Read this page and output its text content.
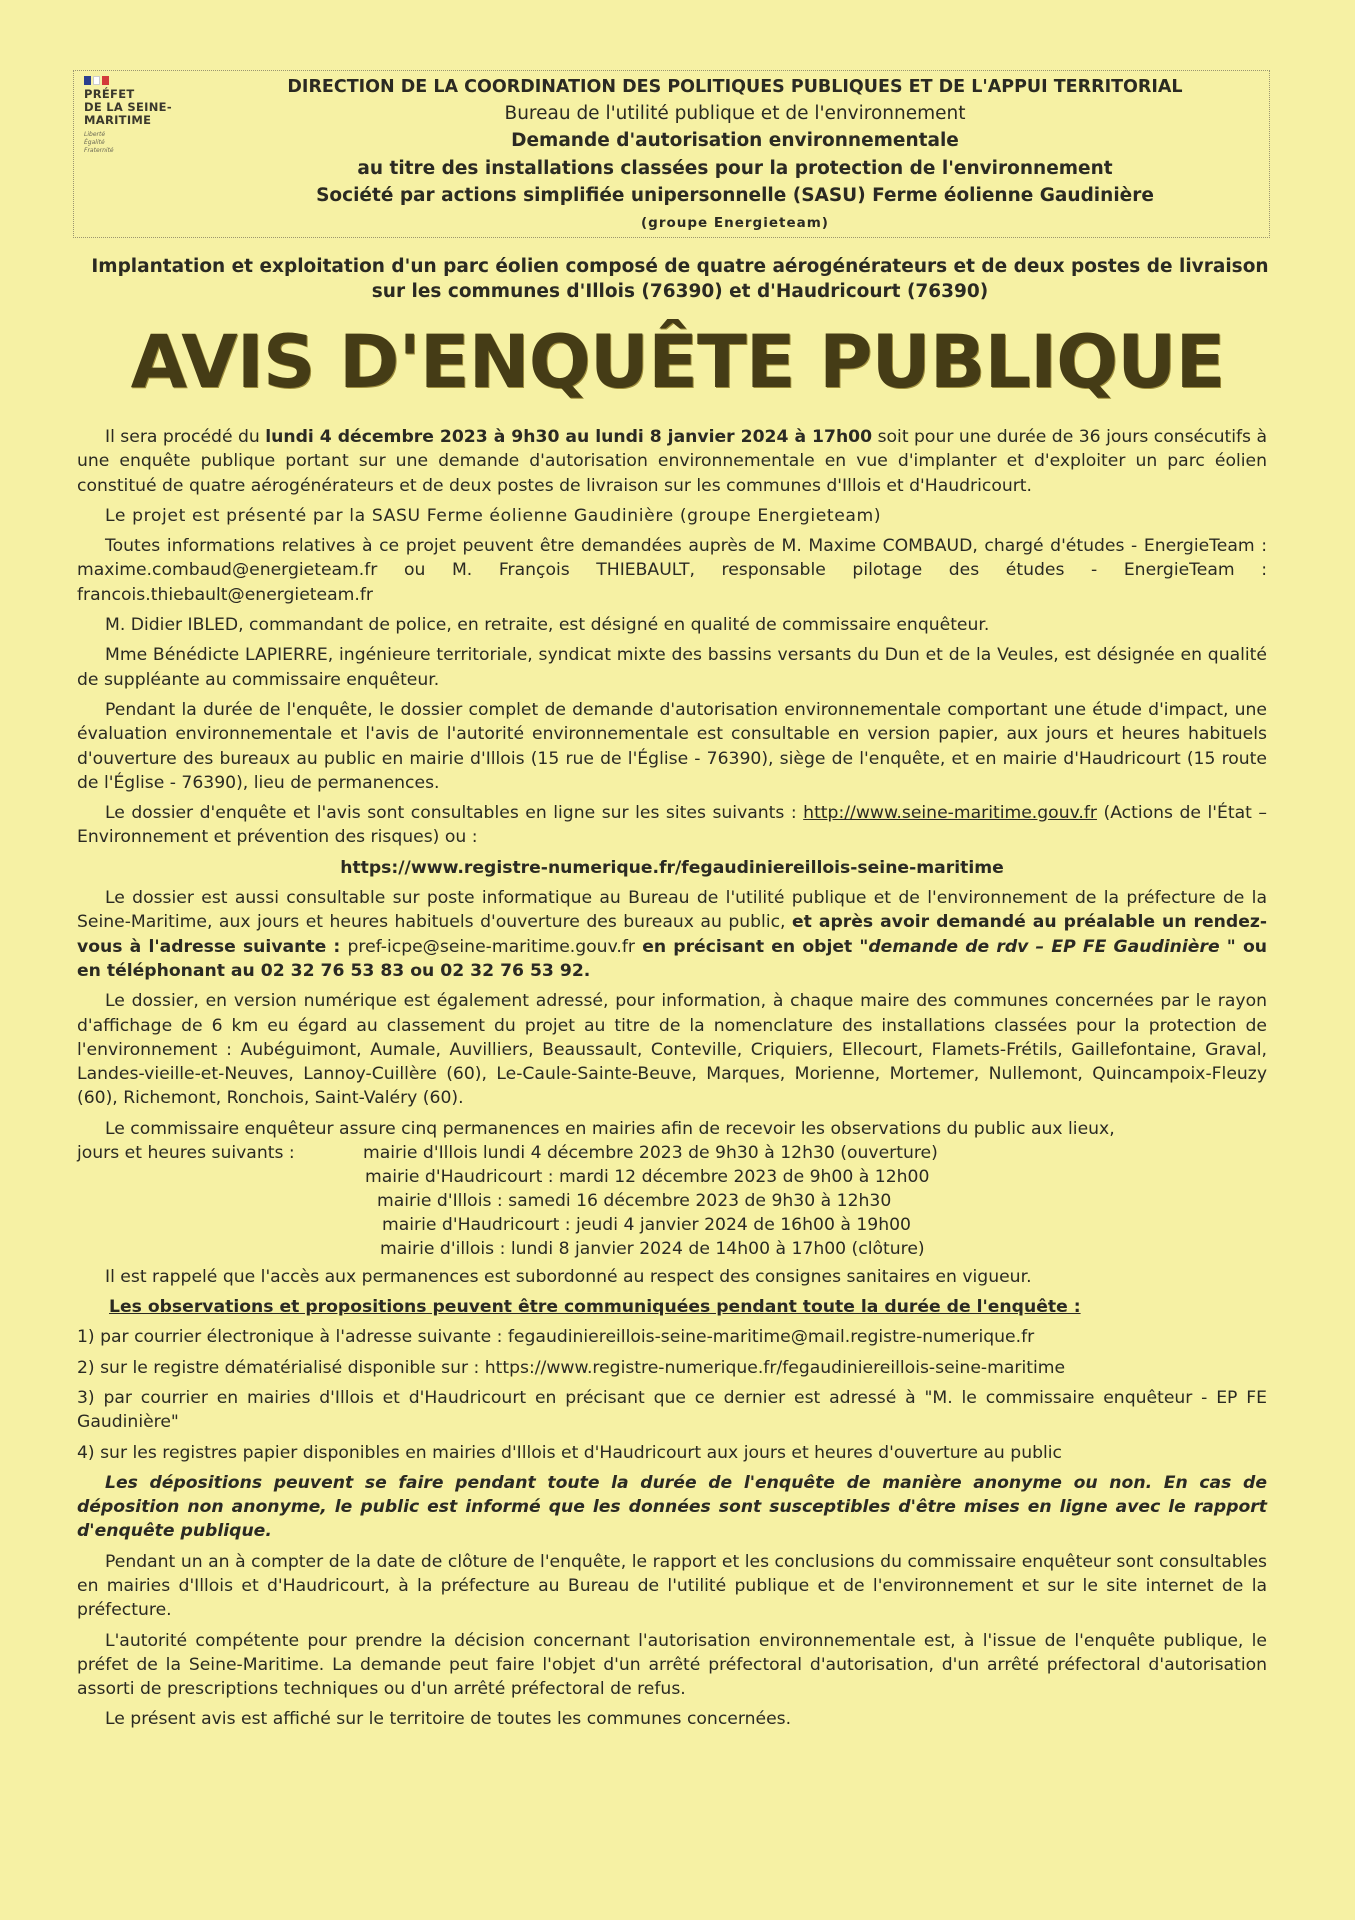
PRÉFET
DE LA SEINE-
MARITIME
Liberté
Égalité
Fraternité
DIRECTION DE LA COORDINATION DES POLITIQUES PUBLIQUES ET DE L'APPUI TERRITORIAL
Bureau de l'utilité publique et de l'environnement
Demande d'autorisation environnementale
au titre des installations classées pour la protection de l'environnement
Société par actions simplifiée unipersonnelle (SASU) Ferme éolienne Gaudinière
(groupe Energieteam)
Implantation et exploitation d'un parc éolien composé de quatre aérogénérateurs et de deux postes de livraison
sur les communes d'Illois (76390) et d'Haudricourt (76390)
AVIS D'ENQUÊTE PUBLIQUE

Il sera procédé du lundi 4 décembre 2023 à 9h30 au lundi 8 janvier 2024 à 17h00 soit pour une durée de 36 jours consécutifs à une enquête publique portant sur une demande d'autorisation environnementale en vue d'implanter et d'exploiter un parc éolien constitué de quatre aérogénérateurs et de deux postes de livraison sur les communes d'Illois et d'Haudricourt.

Le projet est présenté par la SASU Ferme éolienne Gaudinière (groupe Energieteam)

Toutes informations relatives à ce projet peuvent être demandées auprès de M. Maxime COMBAUD, chargé d'études - EnergieTeam : maxime.combaud@energieteam.fr ou M. François THIEBAULT, responsable pilotage des études - EnergieTeam : francois.thiebault@energieteam.fr

M. Didier IBLED, commandant de police, en retraite, est désigné en qualité de commissaire enquêteur.

Mme Bénédicte LAPIERRE, ingénieure territoriale, syndicat mixte des bassins versants du Dun et de la Veules, est désignée en qualité de suppléante au commissaire enquêteur.

Pendant la durée de l'enquête, le dossier complet de demande d'autorisation environnementale comportant une étude d'impact, une évaluation environnementale et l'avis de l'autorité environnementale est consultable en version papier, aux jours et heures habituels d'ouverture des bureaux au public en mairie d'Illois (15 rue de l'Église - 76390), siège de l'enquête, et en mairie d'Haudricourt (15 route de l'Église - 76390), lieu de permanences.

Le dossier d'enquête et l'avis sont consultables en ligne sur les sites suivants : http://www.seine-maritime.gouv.fr (Actions de l'État – Environnement et prévention des risques) ou :

https://www.registre-numerique.fr/fegaudiniereillois-seine-maritime

Le dossier est aussi consultable sur poste informatique au Bureau de l'utilité publique et de l'environnement de la préfecture de la Seine-Maritime, aux jours et heures habituels d'ouverture des bureaux au public, et après avoir demandé au préalable un rendez-vous à l'adresse suivante : pref-icpe@seine-maritime.gouv.fr en précisant en objet "demande de rdv – EP FE Gaudinière " ou en téléphonant au 02 32 76 53 83 ou 02 32 76 53 92.

Le dossier, en version numérique est également adressé, pour information, à chaque maire des communes concernées par le rayon d'affichage de 6 km eu égard au classement du projet au titre de la nomenclature des installations classées pour la protection de l'environnement : Aubéguimont, Aumale, Auvilliers, Beaussault, Conteville, Criquiers, Ellecourt, Flamets-Frétils, Gaillefontaine, Graval, Landes-vieille-et-Neuves, Lannoy-Cuillère (60), Le-Caule-Sainte-Beuve, Marques, Morienne, Mortemer, Nullemont, Quincampoix-Fleuzy (60), Richemont, Ronchois, Saint-Valéry (60).

Le commissaire enquêteur assure cinq permanences en mairies afin de recevoir les observations du public aux lieux,
jours et heures suivants :	mairie d'Illois lundi 4 décembre 2023 de 9h30 à 12h30 (ouverture)
mairie d'Haudricourt : mardi 12 décembre 2023 de 9h00 à 12h00
mairie d'Illois : samedi 16 décembre 2023 de 9h30 à 12h30
mairie d'Haudricourt : jeudi 4 janvier 2024 de 16h00 à 19h00
mairie d'illois : lundi 8 janvier 2024 de 14h00 à 17h00 (clôture)

Il est rappelé que l'accès aux permanences est subordonné au respect des consignes sanitaires en vigueur.

Les observations et propositions peuvent être communiquées pendant toute la durée de l'enquête :

1) par courrier électronique à l'adresse suivante : fegaudiniereillois-seine-maritime@mail.registre-numerique.fr

2) sur le registre dématérialisé disponible sur : https://www.registre-numerique.fr/fegaudiniereillois-seine-maritime

3) par courrier en mairies d'Illois et d'Haudricourt en précisant que ce dernier est adressé à "M. le commissaire enquêteur - EP FE Gaudinière"

4) sur les registres papier disponibles en mairies d'Illois et d'Haudricourt aux jours et heures d'ouverture au public

Les dépositions peuvent se faire pendant toute la durée de l'enquête de manière anonyme ou non. En cas de déposition non anonyme, le public est informé que les données sont susceptibles d'être mises en ligne avec le rapport d'enquête publique.

Pendant un an à compter de la date de clôture de l'enquête, le rapport et les conclusions du commissaire enquêteur sont consultables en mairies d'Illois et d'Haudricourt, à la préfecture au Bureau de l'utilité publique et de l'environnement et sur le site internet de la préfecture.

L'autorité compétente pour prendre la décision concernant l'autorisation environnementale est, à l'issue de l'enquête publique, le préfet de la Seine-Maritime. La demande peut faire l'objet d'un arrêté préfectoral d'autorisation, d'un arrêté préfectoral d'autorisation assorti de prescriptions techniques ou d'un arrêté préfectoral de refus.

Le présent avis est affiché sur le territoire de toutes les communes concernées.
